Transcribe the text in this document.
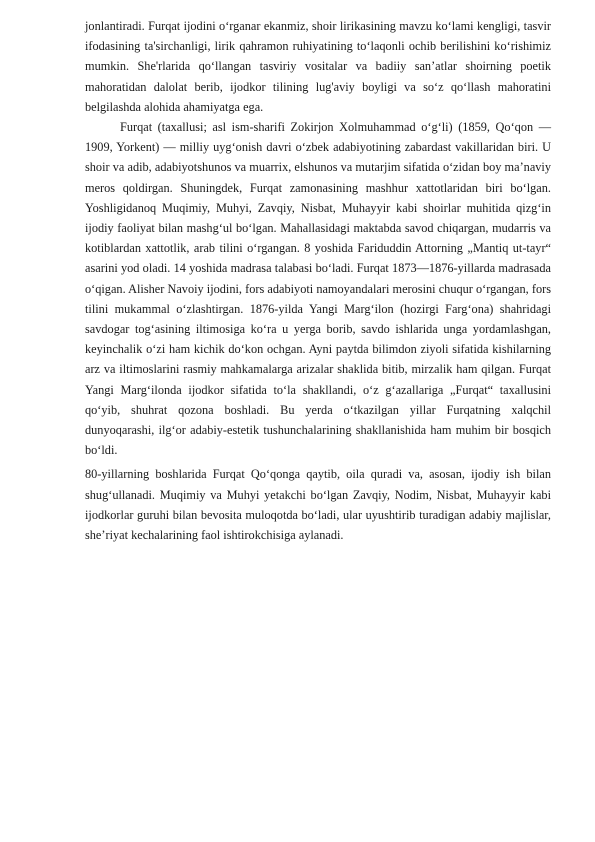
jonlantiradi. Furqat ijodini o‘rganar ekanmiz, shoir lirikasining mavzu ko‘lami kengligi, tasvir ifodasining ta'sirchanligi, lirik qahramon ruhiyatining to‘laqonli ochib berilishini ko‘rishimiz mumkin. She'rlarida qo‘llangan tasviriy vositalar va badiiy san’atlar shoirning poetik mahoratidan dalolat berib, ijodkor tilining lug'aviy boyligi va so‘z qo‘llash mahoratini belgilashda alohida ahamiyatga ega.

Furqat (taxallusi; asl ism-sharifi Zokirjon Xolmuhammad o‘g‘li) (1859, Qo‘qon —1909, Yorkent) — milliy uyg‘onish davri o‘zbek adabiyotining zabardast vakillaridan biri. U shoir va adib, adabiyotshunos va muarrix, elshunos va mutarjim sifatida o‘zidan boy ma’naviy meros qoldirgan. Shuningdek, Furqat zamonasining mashhur xattotlaridan biri bo‘lgan. Yoshligidanoq Muqimiy, Muhyi, Zavqiy, Nisbat, Muhayyir kabi shoirlar muhitida qizg‘in ijodiy faoliyat bilan mashg‘ul bo‘lgan. Mahallasidagi maktabda savod chiqargan, mudarris va kotiblardan xattotlik, arab tilini o‘rgangan. 8 yoshida Fariduddin Attorning „Mantiq ut-tayr“ asarini yod oladi. 14 yoshida madrasa talabasi bo‘ladi. Furqat 1873—1876-yillarda madrasada o‘qigan. Alisher Navoiy ijodini, fors adabiyoti namoyandalari merosini chuqur o‘rgangan, fors tilini mukammal o‘zlashtirgan. 1876-yilda Yangi Marg‘ilon (hozirgi Farg‘ona) shahridagi savdogar tog‘asining iltimosiga ko‘ra u yerga borib, savdo ishlarida unga yordamlashgan, keyinchalik o‘zi ham kichik do‘kon ochgan. Ayni paytda bilimdon ziyoli sifatida kishilarning arz va iltimoslarini rasmiy mahkamalarga arizalar shaklida bitib, mirzalik ham qilgan. Furqat Yangi Marg‘ilonda ijodkor sifatida to‘la shakllandi, o‘z g‘azallariga „Furqat“ taxallusini qo‘yib, shuhrat qozona boshladi. Bu yerda o‘tkazilgan yillar Furqatning xalqchil dunyoqarashi, ilg‘or adabiy-estetik tushunchalarining shakllanishida ham muhim bir bosqich bo‘ldi.

80-yillarning boshlarida Furqat Qo‘qonga qaytib, oila quradi va, asosan, ijodiy ish bilan shug‘ullanadi. Muqimiy va Muhyi yetakchi bo‘lgan Zavqiy, Nodim, Nisbat, Muhayyir kabi ijodkorlar guruhi bilan bevosita muloqotda bo‘ladi, ular uyushtirib turadigan adabiy majlislar, she’riyat kechalarining faol ishtirokchisiga aylanadi.
